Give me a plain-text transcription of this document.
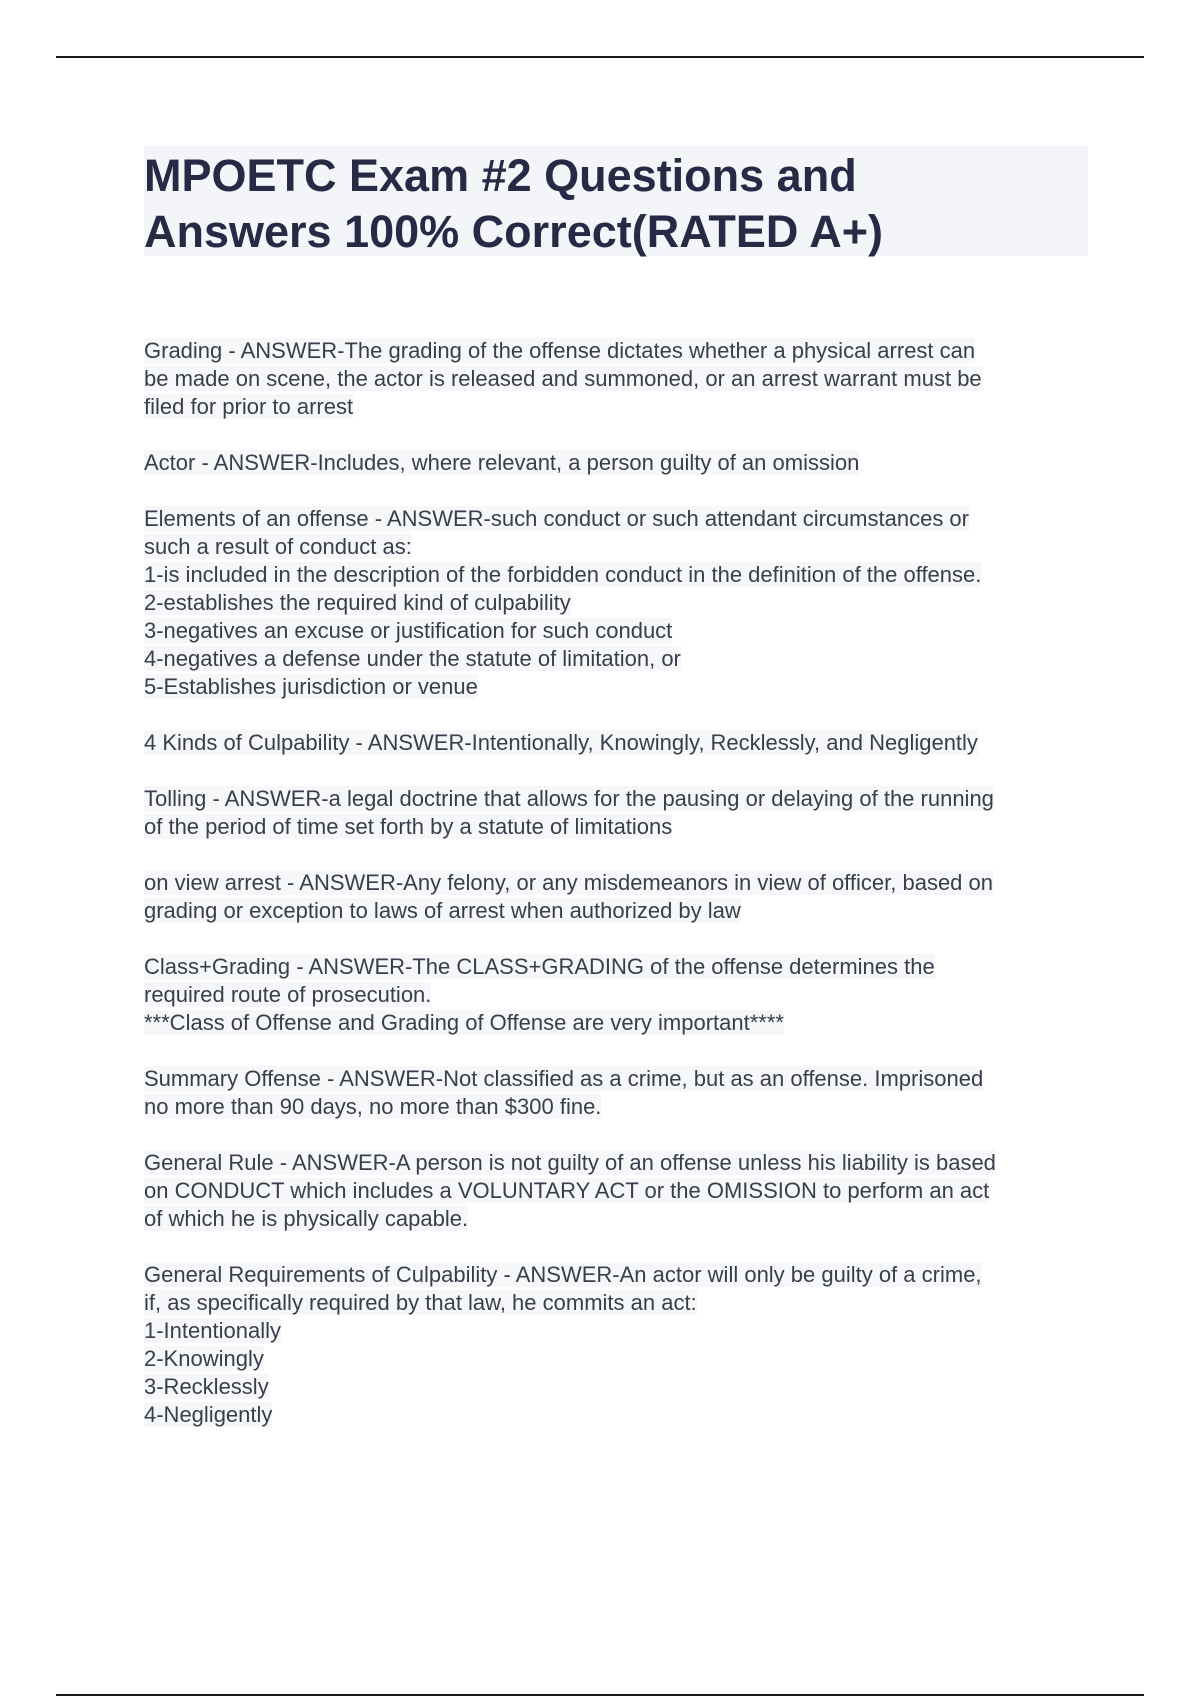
MPOETC Exam #2 Questions and
Answers 100% Correct(RATED A+)
Grading - ANSWER-The grading of the offense dictates whether a physical arrest can
be made on scene, the actor is released and summoned, or an arrest warrant must be
filed for prior to arrest
Actor - ANSWER-Includes, where relevant, a person guilty of an omission
Elements of an offense - ANSWER-such conduct or such attendant circumstances or
such a result of conduct as:
1-is included in the description of the forbidden conduct in the definition of the offense.
2-establishes the required kind of culpability
3-negatives an excuse or justification for such conduct
4-negatives a defense under the statute of limitation, or
5-Establishes jurisdiction or venue
4 Kinds of Culpability - ANSWER-Intentionally, Knowingly, Recklessly, and Negligently
Tolling - ANSWER-a legal doctrine that allows for the pausing or delaying of the running
of the period of time set forth by a statute of limitations
on view arrest - ANSWER-Any felony, or any misdemeanors in view of officer, based on
grading or exception to laws of arrest when authorized by law
Class+Grading - ANSWER-The CLASS+GRADING of the offense determines the
required route of prosecution.
***Class of Offense and Grading of Offense are very important****
Summary Offense - ANSWER-Not classified as a crime, but as an offense. Imprisoned
no more than 90 days, no more than $300 fine.
General Rule - ANSWER-A person is not guilty of an offense unless his liability is based
on CONDUCT which includes a VOLUNTARY ACT or the OMISSION to perform an act
of which he is physically capable.
General Requirements of Culpability - ANSWER-An actor will only be guilty of a crime,
if, as specifically required by that law, he commits an act:
1-Intentionally
2-Knowingly
3-Recklessly
4-Negligently
